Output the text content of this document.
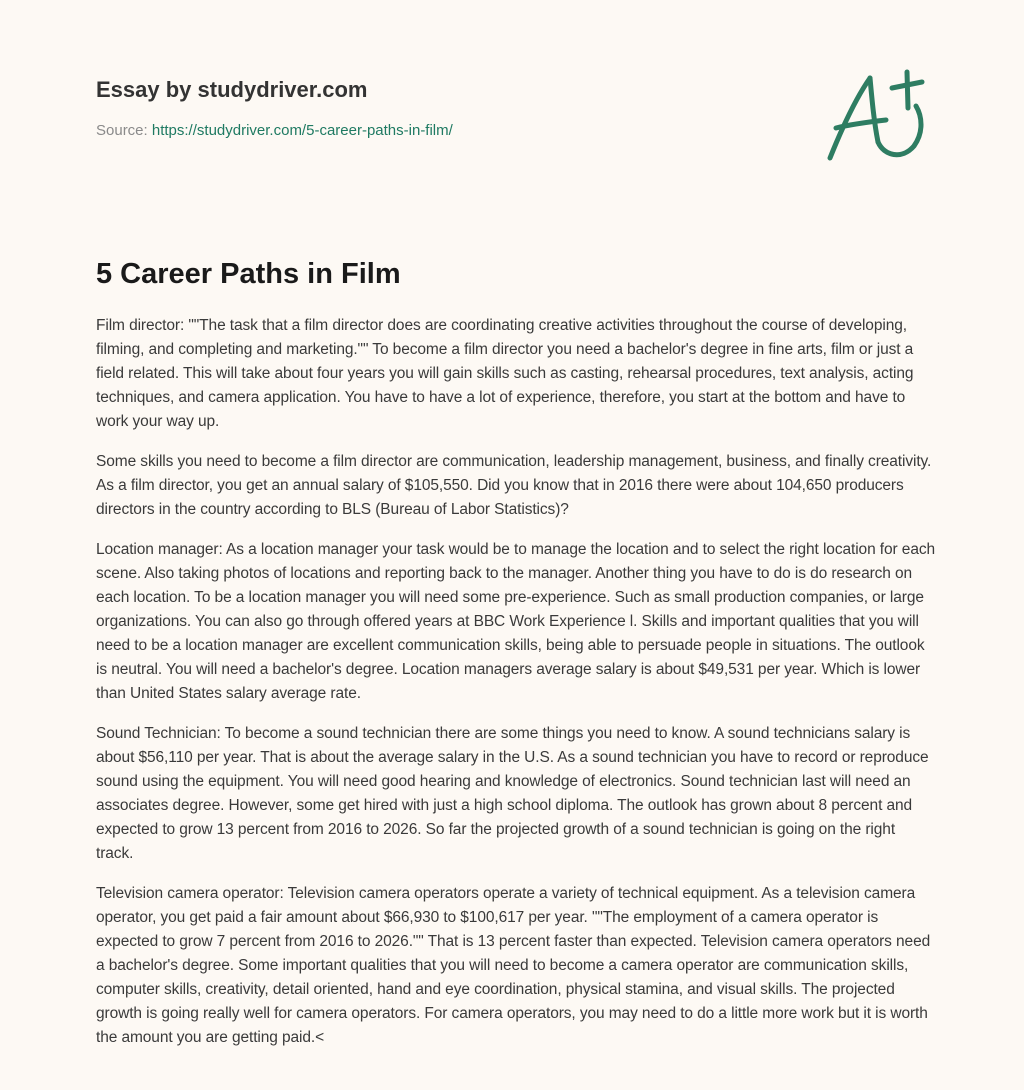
Essay by studydriver.com
Source: https://studydriver.com/5-career-paths-in-film/
5 Career Paths in Film

Film director: ""The task that a film director does are coordinating creative activities throughout the course of developing, filming, and completing and marketing."" To become a film director you need a bachelor's degree in fine arts, film or just a field related. This will take about four years you will gain skills such as casting, rehearsal procedures, text analysis, acting techniques, and camera application. You have to have a lot of experience, therefore, you start at the bottom and have to work your way up.

Some skills you need to become a film director are communication, leadership management, business, and finally creativity. As a film director, you get an annual salary of $105,550. Did you know that in 2016 there were about 104,650 producers directors in the country according to BLS (Bureau of Labor Statistics)?

Location manager: As a location manager your task would be to manage the location and to select the right location for each scene. Also taking photos of locations and reporting back to the manager. Another thing you have to do is do research on each location. To be a location manager you will need some pre-experience. Such as small production companies, or large organizations. You can also go through offered years at BBC Work Experience l. Skills and important qualities that you will need to be a location manager are excellent communication skills, being able to persuade people in situations. The outlook is neutral. You will need a bachelor's degree. Location managers average salary is about $49,531 per year. Which is lower than United States salary average rate.

Sound Technician: To become a sound technician there are some things you need to know. A sound technicians salary is about $56,110 per year. That is about the average salary in the U.S. As a sound technician you have to record or reproduce sound using the equipment. You will need good hearing and knowledge of electronics. Sound technician last will need an associates degree. However, some get hired with just a high school diploma. The outlook has grown about 8 percent and expected to grow 13 percent from 2016 to 2026. So far the projected growth of a sound technician is going on the right track.

Television camera operator: Television camera operators operate a variety of technical equipment. As a television camera operator, you get paid a fair amount about $66,930 to $100,617 per year. ""The employment of a camera operator is expected to grow 7 percent from 2016 to 2026."" That is 13 percent faster than expected. Television camera operators need a bachelor's degree. Some important qualities that you will need to become a camera operator are communication skills, computer skills, creativity, detail oriented, hand and eye coordination, physical stamina, and visual skills. The projected growth is going really well for camera operators. For camera operators, you may need to do a little more work but it is worth the amount you are getting paid.<
